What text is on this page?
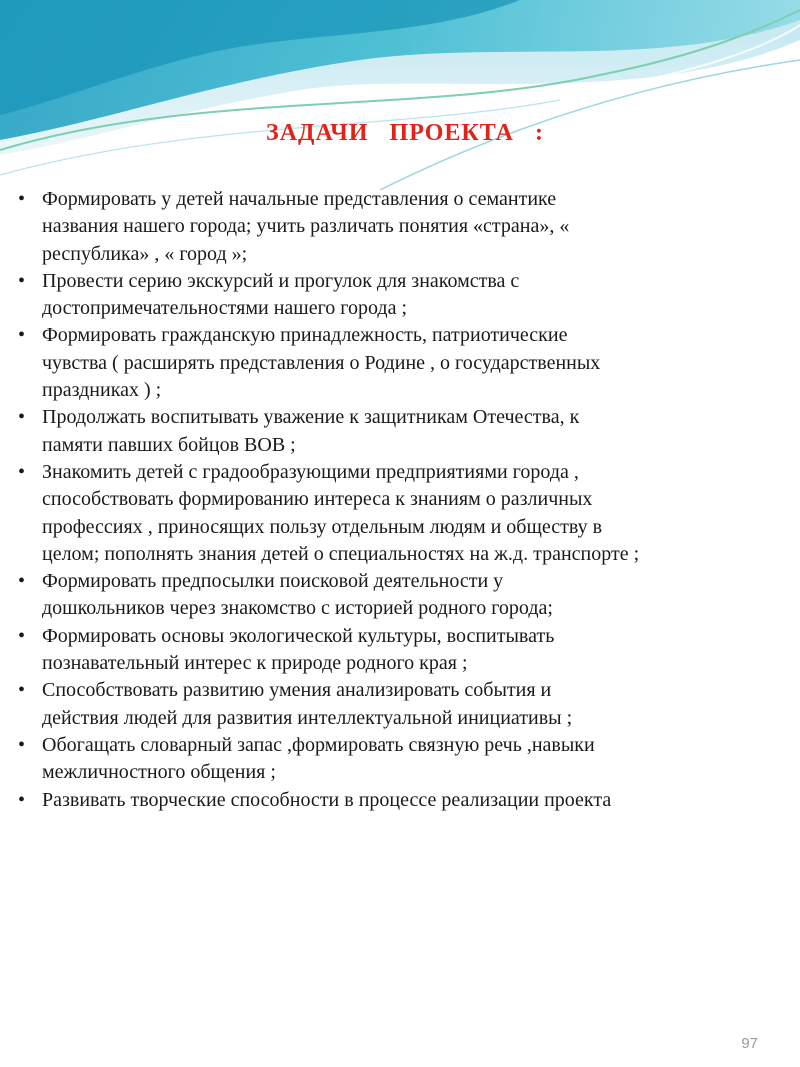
ЗАДАЧИ ПРОЕКТА :
• Формировать у детей начальные представления о семантике
названия нашего города; учить различать понятия «страна», «
республика» , « город »;
• Провести серию экскурсий и прогулок для знакомства с
достопримечательностями нашего города ;
• Формировать гражданскую принадлежность, патриотические
чувства ( расширять представления о Родине , о государственных
праздниках ) ;
• Продолжать воспитывать уважение к защитникам Отечества, к
памяти павших бойцов ВОВ ;
• Знакомить детей с градообразующими предприятиями города ,
способствовать формированию интереса к знаниям о различных
профессиях , приносящих пользу отдельным людям и обществу в
целом; пополнять знания детей о специальностях на ж.д. транспорте ;
• Формировать предпосылки поисковой деятельности у
дошкольников через знакомство с историей родного города;
• Формировать основы экологической культуры, воспитывать
познавательный интерес к природе родного края ;
• Способствовать развитию умения анализировать события и
действия людей для развития интеллектуальной инициативы ;
• Обогащать словарный запас ,формировать связную речь ,навыки
межличностного общения ;
• Развивать творческие способности в процессе реализации проекта
97
